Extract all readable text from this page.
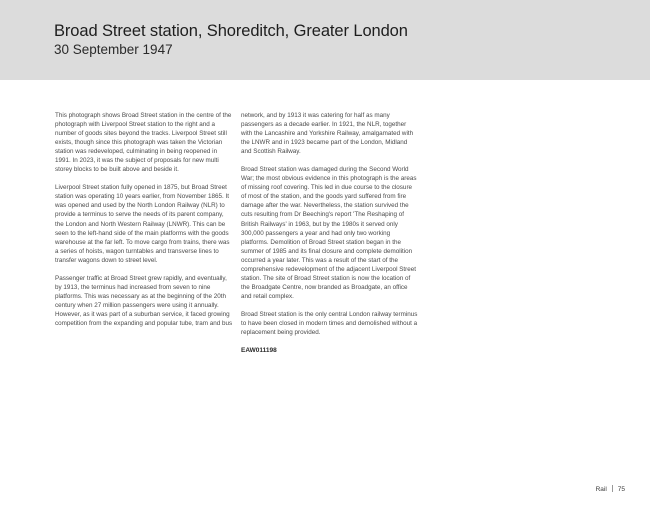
Broad Street station, Shoreditch, Greater London
30 September 1947

This photograph shows Broad Street station in the centre of the photograph with Liverpool Street station to the right and a number of goods sites beyond the tracks. Liverpool Street still exists, though since this photograph was taken the Victorian station was redeveloped, culminating in being reopened in 1991. In 2023, it was the subject of proposals for new multi storey blocks to be built above and beside it.

Liverpool Street station fully opened in 1875, but Broad Street station was operating 10 years earlier, from November 1865. It was opened and used by the North London Railway (NLR) to provide a terminus to serve the needs of its parent company, the London and North Western Railway (LNWR). This can be seen to the left-hand side of the main platforms with the goods warehouse at the far left. To move cargo from trains, there was a series of hoists, wagon turntables and transverse lines to transfer wagons down to street level.

Passenger traffic at Broad Street grew rapidly, and eventually, by 1913, the terminus had increased from seven to nine platforms. This was necessary as at the beginning of the 20th century when 27 million passengers were using it annually. However, as it was part of a suburban service, it faced growing competition from the expanding and popular tube, tram and bus

network, and by 1913 it was catering for half as many passengers as a decade earlier. In 1921, the NLR, together with the Lancashire and Yorkshire Railway, amalgamated with the LNWR and in 1923 became part of the London, Midland and Scottish Railway.

Broad Street station was damaged during the Second World War; the most obvious evidence in this photograph is the areas of missing roof covering. This led in due course to the closure of most of the station, and the goods yard suffered from fire damage after the war. Nevertheless, the station survived the cuts resulting from Dr Beeching's report 'The Reshaping of British Railways' in 1963, but by the 1980s it served only 300,000 passengers a year and had only two working platforms. Demolition of Broad Street station began in the summer of 1985 and its final closure and complete demolition occurred a year later. This was a result of the start of the comprehensive redevelopment of the adjacent Liverpool Street station. The site of Broad Street station is now the location of the Broadgate Centre, now branded as Broadgate, an office and retail complex.

Broad Street station is the only central London railway terminus to have been closed in modern times and demolished without a replacement being provided.

EAW011198
Rail 75
